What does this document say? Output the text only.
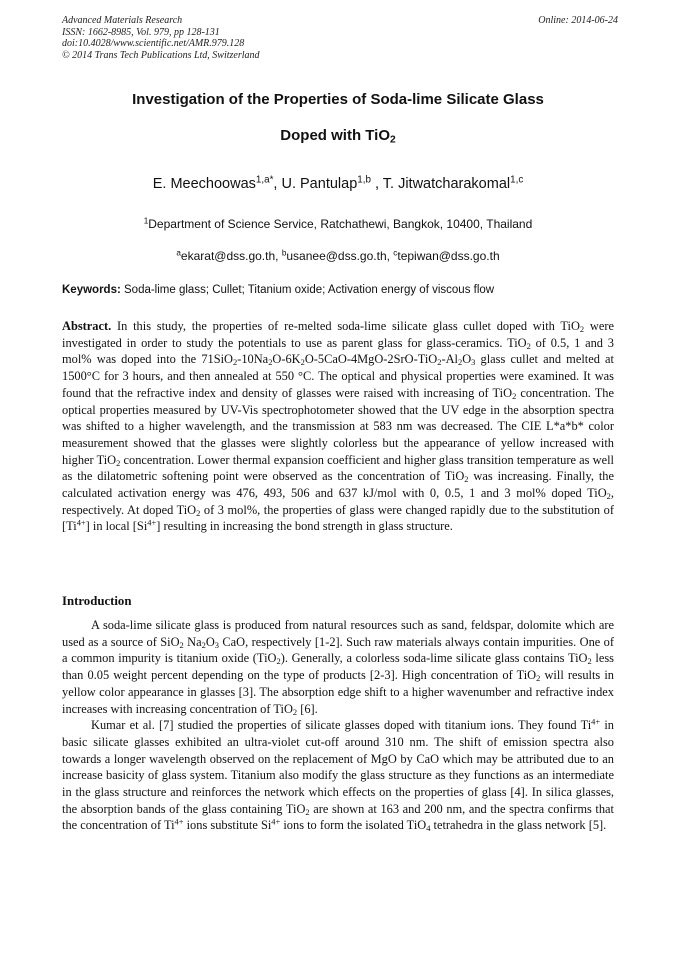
Advanced Materials Research
ISSN: 1662-8985, Vol. 979, pp 128-131
doi:10.4028/www.scientific.net/AMR.979.128
© 2014 Trans Tech Publications Ltd, Switzerland
Online: 2014-06-24
Investigation of the Properties of Soda-lime Silicate Glass
Doped with TiO$_2$
E. Meechoowas$^{1,a*}$, U. Pantulap$^{1,b}$ , T. Jitwatcharakomal$^{1,c}$
$^1$Department of Science Service, Ratchathewi, Bangkok, 10400, Thailand
$^a$ekarat@dss.go.th, $^b$usanee@dss.go.th, $^c$tepiwan@dss.go.th
Keywords: Soda-lime glass; Cullet; Titanium oxide; Activation energy of viscous flow

Abstract. In this study, the properties of re-melted soda-lime silicate glass cullet doped with TiO$_2$ were investigated in order to study the potentials to use as parent glass for glass-ceramics. TiO$_2$ of 0.5, 1 and 3 mol% was doped into the $71SiO_2-10Na_2O-6K_2O-5CaO-4MgO-2SrO-TiO_2-Al_2O_3$ glass cullet and melted at 1500°C for 3 hours, and then annealed at 550 °C. The optical and physical properties were examined. It was found that the refractive index and density of glasses were raised with increasing of TiO$_2$ concentration. The optical properties measured by UV-Vis spectrophotometer showed that the UV edge in the absorption spectra was shifted to a higher wavelength, and the transmission at 583 nm was decreased. The CIE L*a*b* color measurement showed that the glasses were slightly colorless but the appearance of yellow increased with higher TiO$_2$ concentration. Lower thermal expansion coefficient and higher glass transition temperature as well as the dilatometric softening point were observed as the concentration of TiO$_2$ was increasing. Finally, the calculated activation energy was 476, 493, 506 and 637 kJ/mol with 0, 0.5, 1 and 3 mol% doped TiO$_2$, respectively. At doped TiO$_2$ of 3 mol%, the properties of glass were changed rapidly due to the substitution of $[Ti^{4+}]$ in local $[Si^{4+}]$ resulting in increasing the bond strength in glass structure.

Introduction

A soda-lime silicate glass is produced from natural resources such as sand, feldspar, dolomite which are used as a source of SiO$_2$ $Na_2O_3$ CaO, respectively [1-2]. Such raw materials always contain impurities. One of a common impurity is titanium oxide (TiO$_2$). Generally, a colorless soda-lime silicate glass contains TiO$_2$ less than 0.05 weight percent depending on the type of products [2-3]. High concentration of TiO$_2$ will results in yellow color appearance in glasses [3]. The absorption edge shift to a higher wavenumber and refractive index increases with increasing concentration of TiO$_2$ [6].

Kumar et al. [7] studied the properties of silicate glasses doped with titanium ions. They found $Ti^{4+}$ in basic silicate glasses exhibited an ultra-violet cut-off around 310 nm. The shift of emission spectra also towards a longer wavelength observed on the replacement of MgO by CaO which may be attributed due to an increase basicity of glass system. Titanium also modify the glass structure as they functions as an intermediate in the glass structure and reinforces the network which effects on the properties of glass [4]. In silica glasses, the absorption bands of the glass containing TiO$_2$ are shown at 163 and 200 nm, and the spectra confirms that the concentration of $Ti^{4+}$ ions substitute $Si^{4+}$ ions to form the isolated TiO$_4$ tetrahedra in the glass network [5].
